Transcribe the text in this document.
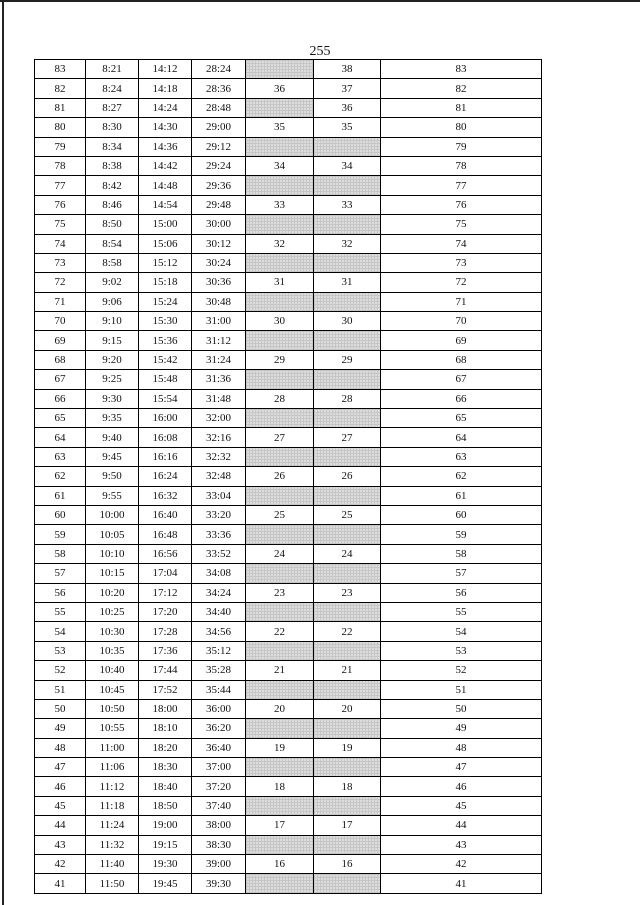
255
83	8:21	14:12	28:24		38	83
82	8:24	14:18	28:36	36	37	82
81	8:27	14:24	28:48		36	81
80	8:30	14:30	29:00	35	35	80
79	8:34	14:36	29:12			79
78	8:38	14:42	29:24	34	34	78
77	8:42	14:48	29:36			77
76	8:46	14:54	29:48	33	33	76
75	8:50	15:00	30:00			75
74	8:54	15:06	30:12	32	32	74
73	8:58	15:12	30:24			73
72	9:02	15:18	30:36	31	31	72
71	9:06	15:24	30:48			71
70	9:10	15:30	31:00	30	30	70
69	9:15	15:36	31:12			69
68	9:20	15:42	31:24	29	29	68
67	9:25	15:48	31:36			67
66	9:30	15:54	31:48	28	28	66
65	9:35	16:00	32:00			65
64	9:40	16:08	32:16	27	27	64
63	9:45	16:16	32:32			63
62	9:50	16:24	32:48	26	26	62
61	9:55	16:32	33:04			61
60	10:00	16:40	33:20	25	25	60
59	10:05	16:48	33:36			59
58	10:10	16:56	33:52	24	24	58
57	10:15	17:04	34:08			57
56	10:20	17:12	34:24	23	23	56
55	10:25	17:20	34:40			55
54	10:30	17:28	34:56	22	22	54
53	10:35	17:36	35:12			53
52	10:40	17:44	35:28	21	21	52
51	10:45	17:52	35:44			51
50	10:50	18:00	36:00	20	20	50
49	10:55	18:10	36:20			49
48	11:00	18:20	36:40	19	19	48
47	11:06	18:30	37:00			47
46	11:12	18:40	37:20	18	18	46
45	11:18	18:50	37:40			45
44	11:24	19:00	38:00	17	17	44
43	11:32	19:15	38:30			43
42	11:40	19:30	39:00	16	16	42
41	11:50	19:45	39:30			41
